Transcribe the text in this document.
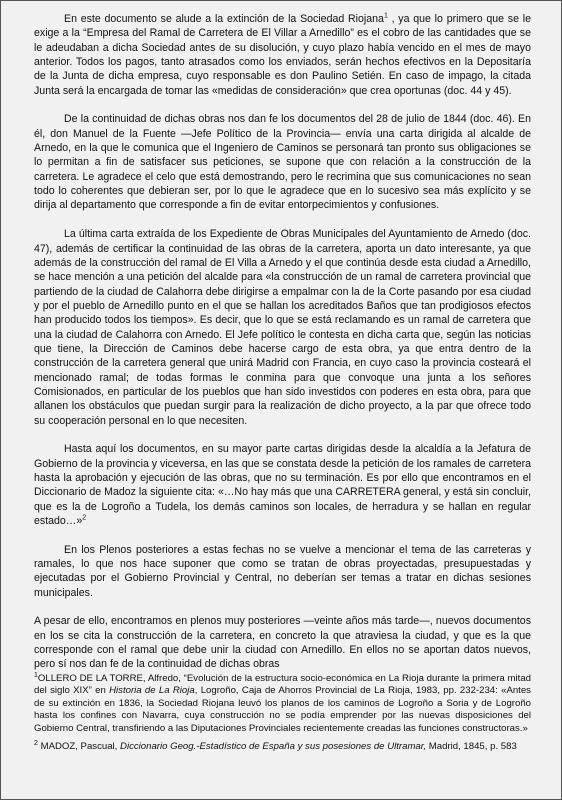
En este documento se alude a la extinción de la Sociedad Riojana$^1$ , ya que lo primero que se le exige a la “Empresa del Ramal de Carretera de El Villar a Arnedillo” es el cobro de las cantidades que se le adeudaban a dicha Sociedad antes de su disolución, y cuyo plazo había vencido en el mes de mayo anterior. Todos los pagos, tanto atrasados como los enviados, serán hechos efectivos en la Depositaría de la Junta de dicha empresa, cuyo responsable es don Paulino Setién. En caso de impago, la citada Junta será la encargada de tomar las «medidas de consideración» que crea oportunas (doc. 44 y 45).

De la continuidad de dichas obras nos dan fe los documentos del 28 de julio de 1844 (doc. 46). En él, don Manuel de la Fuente —Jefe Político de la Provincia— envía una carta dirigida al alcalde de Arnedo, en la que le comunica que el Ingeniero de Caminos se personará tan pronto sus obligaciones se lo permitan a fin de satisfacer sus peticiones, se supone que con relación a la construcción de la carretera. Le agradece el celo que está demostrando, pero le recrimina que sus comunicaciones no sean todo lo coherentes que debieran ser, por lo que le agradece que en lo sucesivo sea más explícito y se dirija al departamento que corresponde a fin de evitar entorpecimientos y confusiones.

La última carta extraída de los Expediente de Obras Municipales del Ayuntamiento de Arnedo (doc. 47), además de certificar la continuidad de las obras de la carretera, aporta un dato interesante, ya que además de la construcción del ramal de El Villa a Arnedo y el que continúa desde esta ciudad a Arnedillo, se hace mención a una petición del alcalde para «la construcción de un ramal de carretera provincial que partiendo de la ciudad de Calahorra debe dirigirse a empalmar con la de la Corte pasando por esa ciudad y por el pueblo de Arnedillo punto en el que se hallan los acreditados Baños que tan prodigiosos efectos han producido todos los tiempos». Es decir, que lo que se está reclamando es un ramal de carretera que una la ciudad de Calahorra con Arnedo. El Jefe político le contesta en dicha carta que, según las noticias que tiene, la Dirección de Caminos debe hacerse cargo de esta obra, ya que entra dentro de la construcción de la carretera general que unirá Madrid con Francia, en cuyo caso la provincia costeará el mencionado ramal; de todas formas le conmina para que convoque una junta a los señores Comisionados, en particular de los pueblos que han sido investidos con poderes en esta obra, para que allanen los obstáculos que puedan surgir para la realización de dicho proyecto, a la par que ofrece todo su cooperación personal en lo que necesiten.

Hasta aquí los documentos, en su mayor parte cartas dirigidas desde la alcaldía a la Jefatura de Gobierno de la provincia y viceversa, en las que se constata desde la petición de los ramales de carretera hasta la aprobación y ejecución de las obras, que no su terminación. Es por ello que encontramos en el Diccionario de Madoz la siguiente cita: «…No hay más que una CARRETERA general, y está sin concluir, que es la de Logroño a Tudela, los demás caminos son locales, de herradura y se hallan en regular estado…»$^2$

En los Plenos posteriores a estas fechas no se vuelve a mencionar el tema de las carreteras y ramales, lo que nos hace suponer que como se tratan de obras proyectadas, presupuestadas y ejecutadas por el Gobierno Provincial y Central, no deberían ser temas a tratar en dichas sesiones municipales.

A pesar de ello, encontramos en plenos muy posteriores —veinte años más tarde—, nuevos documentos en los se cita la construcción de la carretera, en concreto la que atraviesa la ciudad, y que es la que corresponde con el ramal que debe unir la ciudad con Arnedillo. En ellos no se aportan datos nuevos, pero sí nos dan fe de la continuidad de dichas obras

$^1$OLLERO DE LA TORRE, Alfredo, “Evolución de la estructura socio-económica en La Rioja durante la primera mitad del siglo XIX” en Historia de La Rioja, Logroño, Caja de Ahorros Provincial de La Rioja, 1983, pp. 232-234: «Antes de su extinción en 1836, la Sociedad Riojana leuvó los planos de los caminos de Logroño a Soria y de Logroño hasta los confines con Navarra, cuya construcción no se podía emprender por las nuevas disposiciones del Gobierno Central, transfiriendo a las Diputaciones Provinciales recientemente creadas las funciones constructoras.»

$^2$ MADOZ, Pascual, Diccionario Geog.-Estadístico de España y sus posesiones de Ultramar, Madrid, 1845, p. 583
